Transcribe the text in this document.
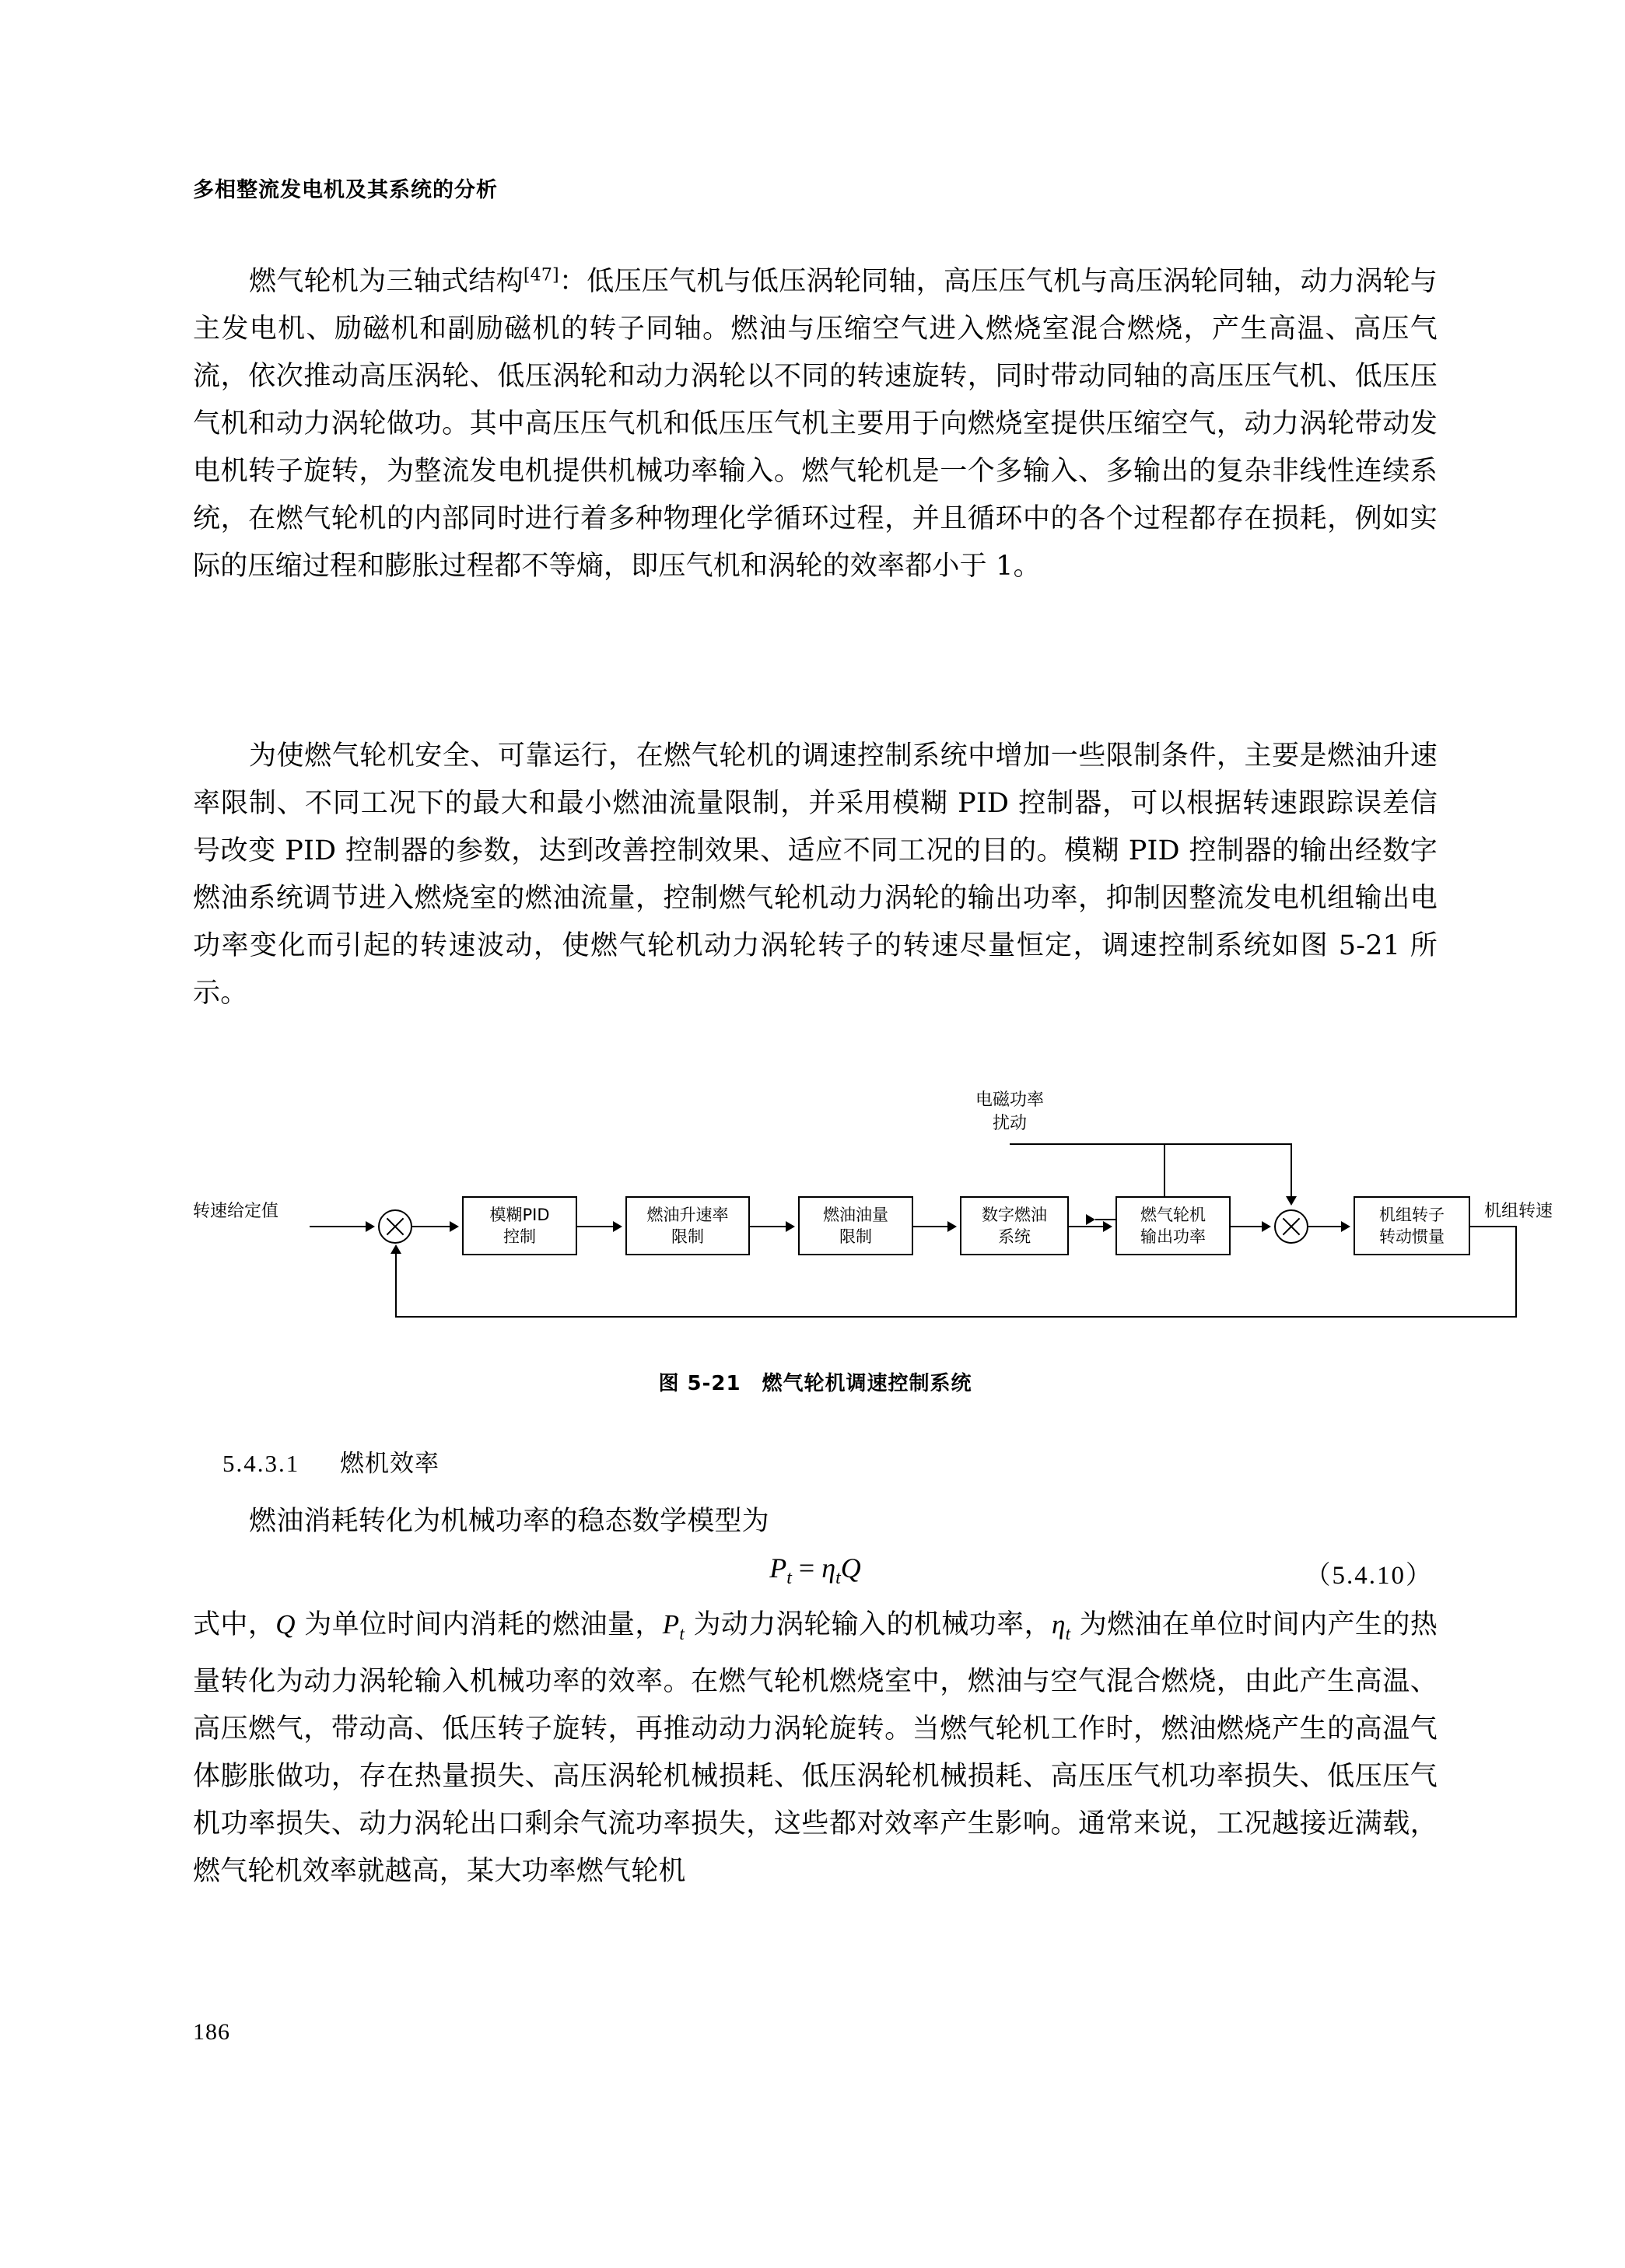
多相整流发电机及其系统的分析

燃气轮机为三轴式结构[47]：低压压气机与低压涡轮同轴，高压压气机与高压涡轮同轴，动力涡轮与主发电机、励磁机和副励磁机的转子同轴。燃油与压缩空气进入燃烧室混合燃烧，产生高温、高压气流，依次推动高压涡轮、低压涡轮和动力涡轮以不同的转速旋转，同时带动同轴的高压压气机、低压压气机和动力涡轮做功。其中高压压气机和低压压气机主要用于向燃烧室提供压缩空气，动力涡轮带动发电机转子旋转，为整流发电机提供机械功率输入。燃气轮机是一个多输入、多输出的复杂非线性连续系统，在燃气轮机的内部同时进行着多种物理化学循环过程，并且循环中的各个过程都存在损耗，例如实际的压缩过程和膨胀过程都不等熵，即压气机和涡轮的效率都小于 1。

为使燃气轮机安全、可靠运行，在燃气轮机的调速控制系统中增加一些限制条件，主要是燃油升速率限制、不同工况下的最大和最小燃油流量限制，并采用模糊 PID 控制器，可以根据转速跟踪误差信号改变 PID 控制器的参数，达到改善控制效果、适应不同工况的目的。模糊 PID 控制器的输出经数字燃油系统调节进入燃烧室的燃油流量，控制燃气轮机动力涡轮的输出功率，抑制因整流发电机组输出电功率变化而引起的转速波动，使燃气轮机动力涡轮转子的转速尽量恒定，调速控制系统如图 5-21 所示。

电磁功率
扰动
转速给定值	模糊PID
控制
燃油升速率
限制
燃油油量
限制
数字燃油
系统
燃气轮机
输出功率
机组转子
转动惯量
机组转速
图 5-21　燃气轮机调速控制系统
5.4.3.1 燃机效率

燃油消耗转化为机械功率的稳态数学模型为

$P_t = \eta_tQ$	（5.4.10）

式中，Q 为单位时间内消耗的燃油量，$P_t$ 为动力涡轮输入的机械功率，$\eta_t$ 为燃油在单位时间内产生的热量转化为动力涡轮输入机械功率的效率。在燃气轮机燃烧室中，燃油与空气混合燃烧，由此产生高温、高压燃气，带动高、低压转子旋转，再推动动力涡轮旋转。当燃气轮机工作时，燃油燃烧产生的高温气体膨胀做功，存在热量损失、高压涡轮机械损耗、低压涡轮机械损耗、高压压气机功率损失、低压压气机功率损失、动力涡轮出口剩余气流功率损失，这些都对效率产生影响。通常来说，工况越接近满载，燃气轮机效率就越高，某大功率燃气轮机

186
